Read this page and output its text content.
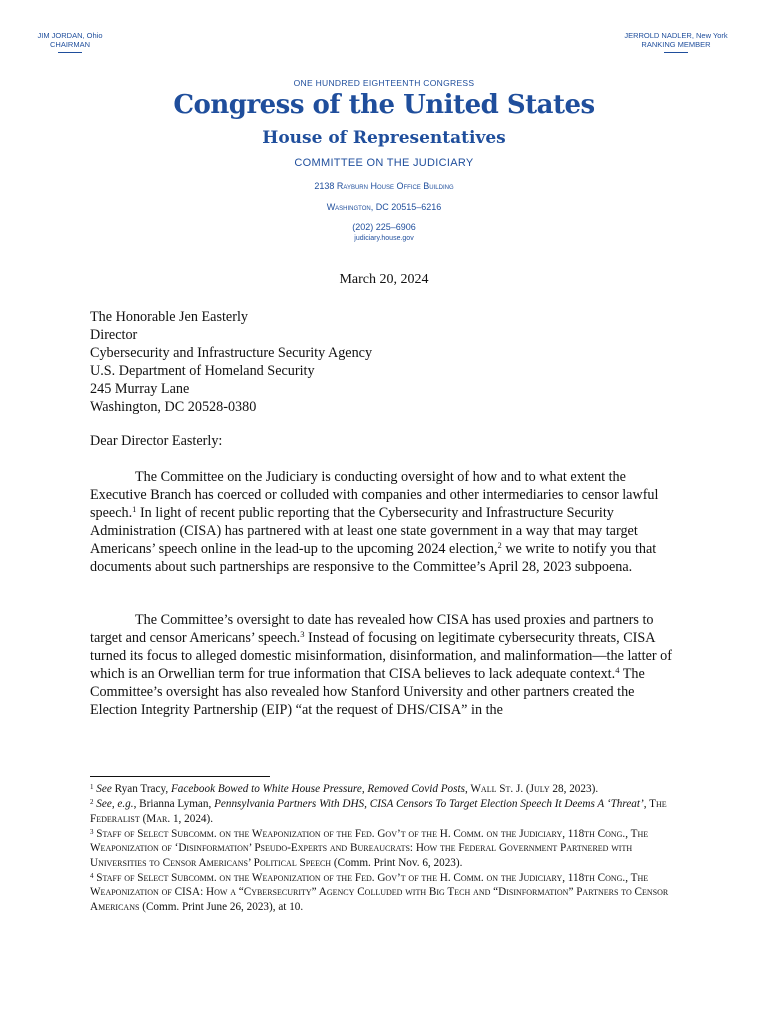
JIM JORDAN, Ohio
CHAIRMAN
JERROLD NADLER, New York
RANKING MEMBER
ONE HUNDRED EIGHTEENTH CONGRESS
Congress of the United States
House of Representatives
COMMITTEE ON THE JUDICIARY
2138 Rayburn House Office Building
Washington, DC 20515–6216
(202) 225–6906
judiciary.house.gov
March 20, 2024
The Honorable Jen Easterly
Director
Cybersecurity and Infrastructure Security Agency
U.S. Department of Homeland Security
245 Murray Lane
Washington, DC 20528-0380
Dear Director Easterly:

The Committee on the Judiciary is conducting oversight of how and to what extent the Executive Branch has coerced or colluded with companies and other intermediaries to censor lawful speech.$^1$ In light of recent public reporting that the Cybersecurity and Infrastructure Security Administration (CISA) has partnered with at least one state government in a way that may target Americans’ speech online in the lead-up to the upcoming 2024 election,$^2$ we write to notify you that documents about such partnerships are responsive to the Committee’s April 28, 2023 subpoena.

The Committee’s oversight to date has revealed how CISA has used proxies and partners to target and censor Americans’ speech.$^3$ Instead of focusing on legitimate cybersecurity threats, CISA turned its focus to alleged domestic misinformation, disinformation, and malinformation—the latter of which is an Orwellian term for true information that CISA believes to lack adequate context.$^4$ The Committee’s oversight has also revealed how Stanford University and other partners created the Election Integrity Partnership (EIP) “at the request of DHS/CISA” in the

$^1$ See Ryan Tracy, Facebook Bowed to White House Pressure, Removed Covid Posts, Wall St. J. (July 28, 2023).
$^2$ See, e.g., Brianna Lyman, Pennsylvania Partners With DHS, CISA Censors To Target Election Speech It Deems A ‘Threat’, The Federalist (Mar. 1, 2024).
$^3$ Staff of Select Subcomm. on the Weaponization of the Fed. Gov’t of the H. Comm. on the Judiciary, 118th Cong., The Weaponization of ‘Disinformation’ Pseudo-Experts and Bureaucrats: How the Federal Government Partnered with Universities to Censor Americans’ Political Speech (Comm. Print Nov. 6, 2023).
$^4$ Staff of Select Subcomm. on the Weaponization of the Fed. Gov’t of the H. Comm. on the Judiciary, 118th Cong., The Weaponization of CISA: How a “Cybersecurity” Agency Colluded with Big Tech and “Disinformation” Partners to Censor Americans (Comm. Print June 26, 2023), at 10.
